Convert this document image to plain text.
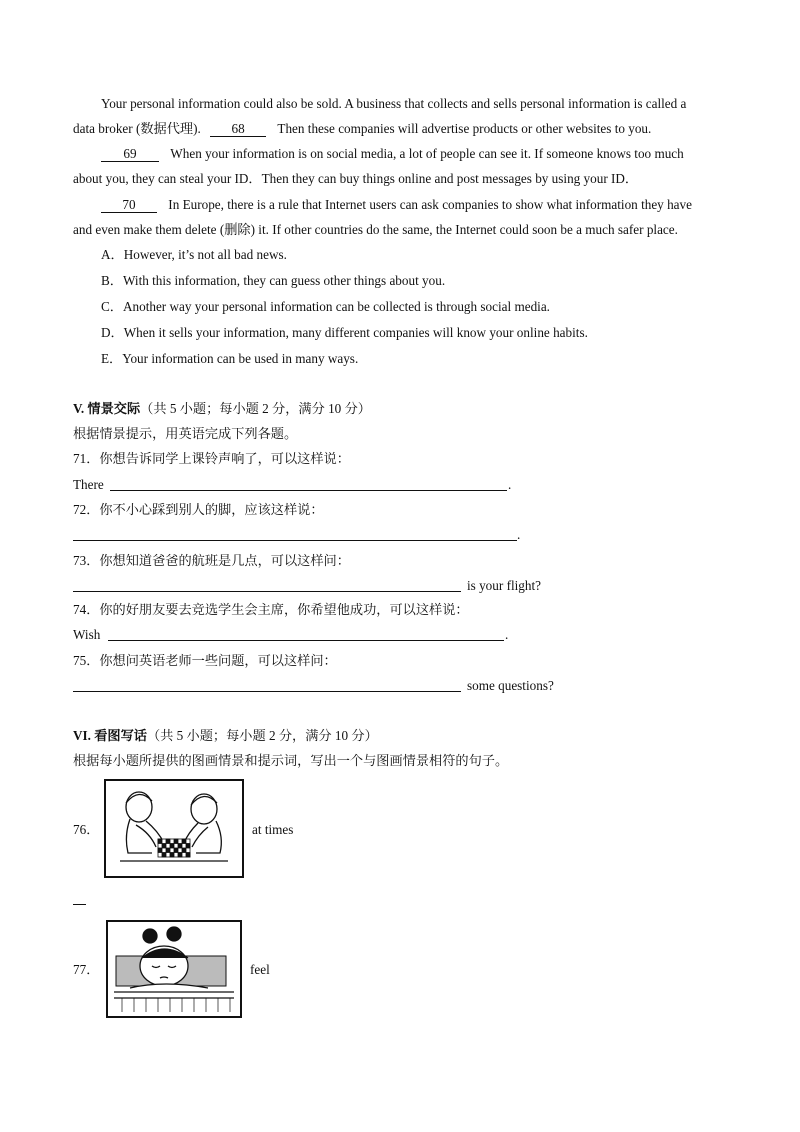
Your personal information could also be sold. A business that collects and sells personal information is called a
data broker (数据代理). 68 Then these companies will advertise products or other websites to you.
69	When your information is on social media, a lot of people can see it. If someone knows too much
about you, they can steal your ID．Then they can buy things online and post messages by using your ID．
70 In Europe, there is a rule that Internet users can ask companies to show what information they have
and even make them delete (删除) it. If other countries do the same, the Internet could soon be a much safer place.
A．However, it’s not all bad news.
B．With this information, they can guess other things about you.
C．Another way your personal information can be collected is through social media.
D．When it sells your information, many different companies will know your online habits.
E．Your information can be used in many ways.
V. 情景交际（共 5 小题；每小题 2 分，满分 10 分）
根据情景提示，用英语完成下列各题。
71．你想告诉同学上课铃声响了，可以这样说：
There	.
72．你不小心踩到别人的脚，应该这样说：
.
73．你想知道爸爸的航班是几点，可以这样问：
is your flight?
74．你的好朋友要去竞选学生会主席，你希望他成功，可以这样说：
Wish	.
75．你想问英语老师一些问题，可以这样问：
some questions?
VI. 看图写话（共 5 小题；每小题 2 分，满分 10 分）
根据每小题所提供的图画情景和提示词，写出一个与图画情景相符的句子。
76．	at times
77．	feel
